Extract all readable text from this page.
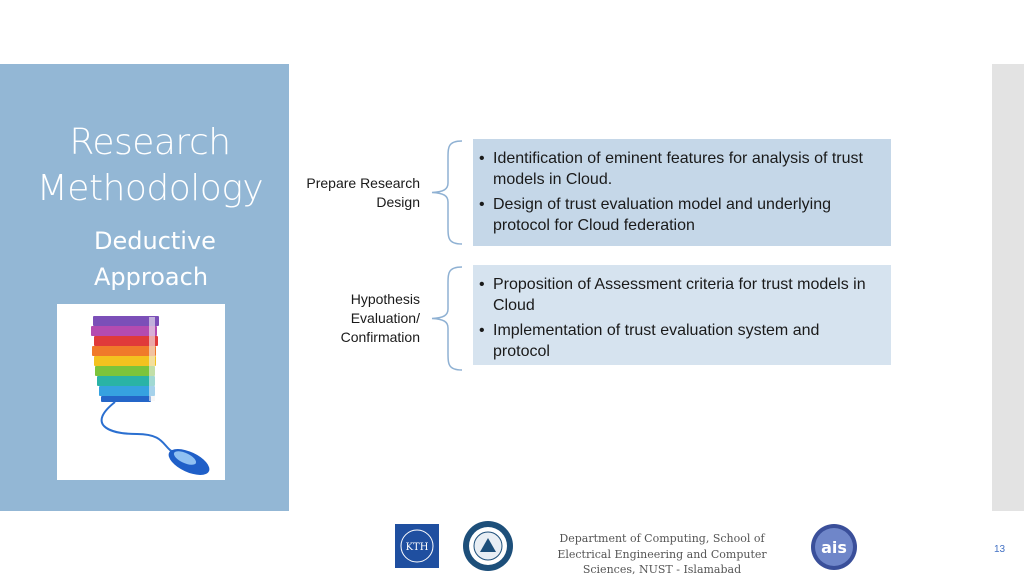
Research
Methodology
Deductive
Approach
Prepare Research
Design
• Identification of eminent features for analysis of trust models in Cloud.
• Design of trust evaluation model and underlying protocol for Cloud federation
Hypothesis
Evaluation/
Confirmation
• Proposition of Assessment criteria for trust models in Cloud
• Implementation of trust evaluation system and protocol
KTH
Department of Computing, School of Electrical Engineering and Computer Sciences, NUST - Islamabad
ais	13
